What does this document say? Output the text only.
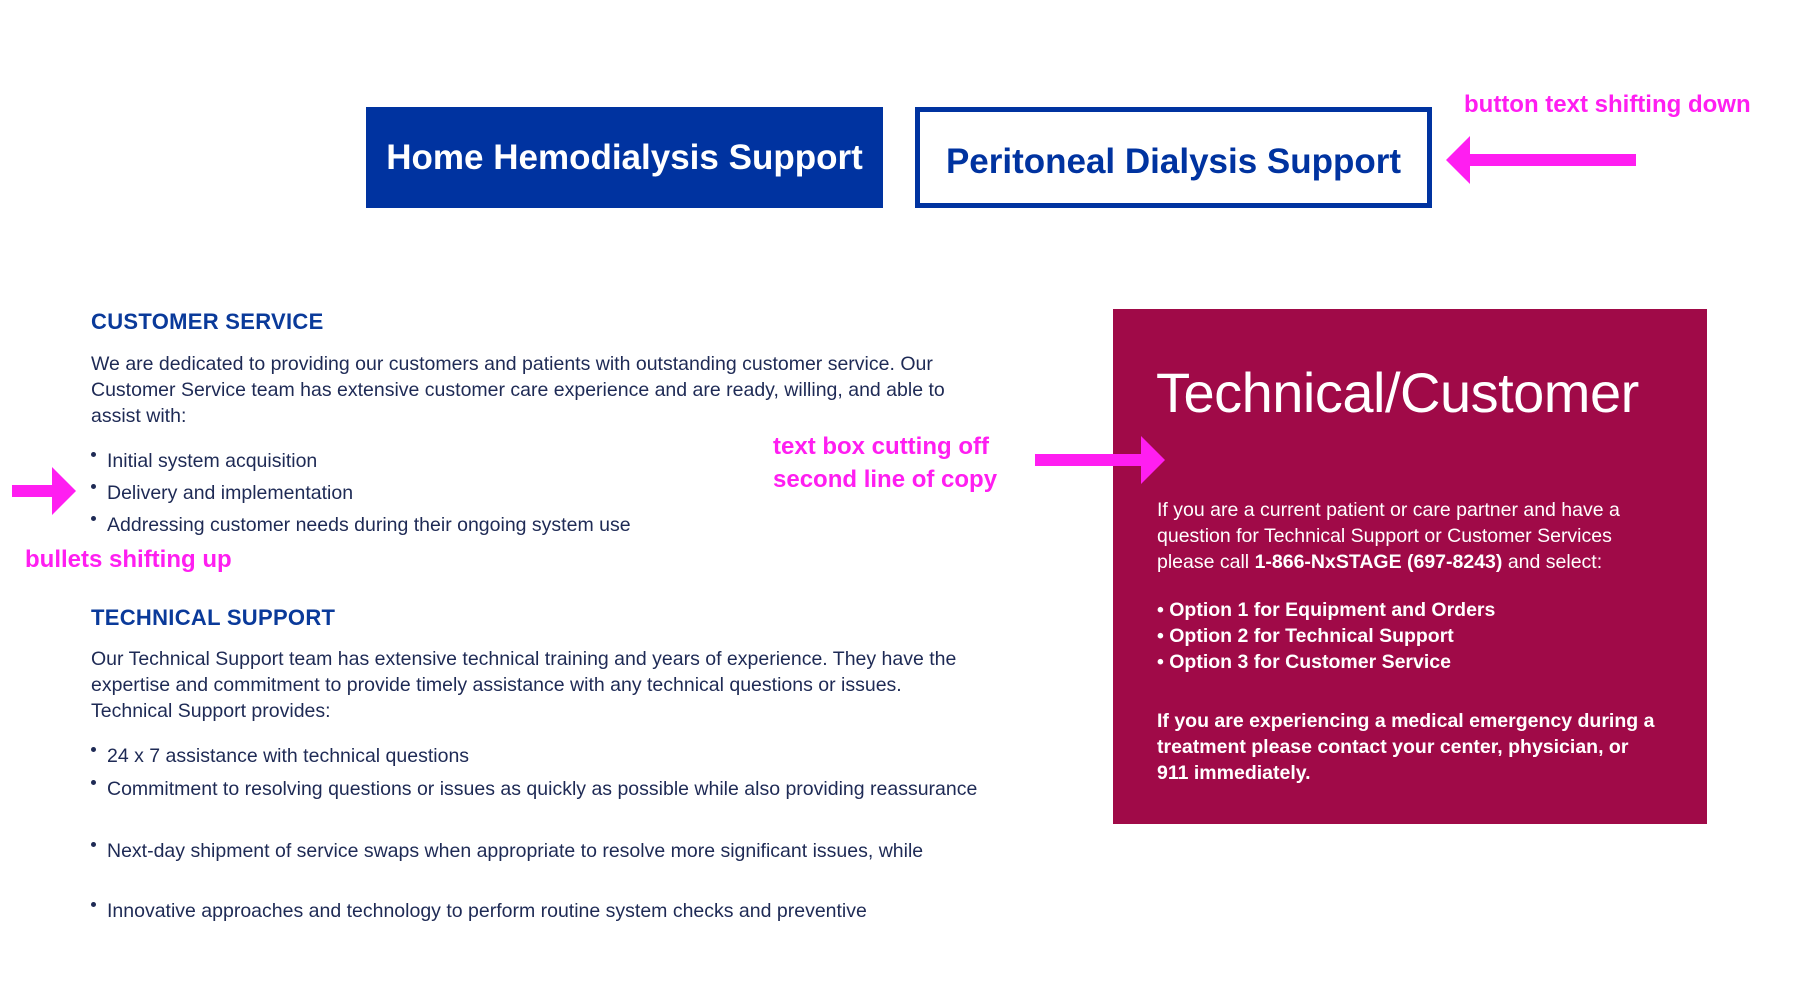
Home Hemodialysis Support Peritoneal Dialysis Support
CUSTOMER SERVICE
We are dedicated to providing our customers and patients with outstanding customer service. Our
Customer Service team has extensive customer care experience and are ready, willing, and able to
assist with:
Initial system acquisition
Delivery and implementation
Addressing customer needs during their ongoing system use
TECHNICAL SUPPORT
Our Technical Support team has extensive technical training and years of experience. They have the
expertise and commitment to provide timely assistance with any technical questions or issues.
Technical Support provides:
24 x 7 assistance with technical questions
Commitment to resolving questions or issues as quickly as possible while also providing reassurance
Next-day shipment of service swaps when appropriate to resolve more significant issues, while
Innovative approaches and technology to perform routine system checks and preventive
Technical/Customer
If you are a current patient or care partner and have a
question for Technical Support or Customer Services
please call 1-866-NxSTAGE (697-8243) and select:
• Option 1 for Equipment and Orders
• Option 2 for Technical Support
• Option 3 for Customer Service
If you are experiencing a medical emergency during a
treatment please contact your center, physician, or
911 immediately.
button text shifting down
text box cutting off
second line of copy
bullets shifting up
